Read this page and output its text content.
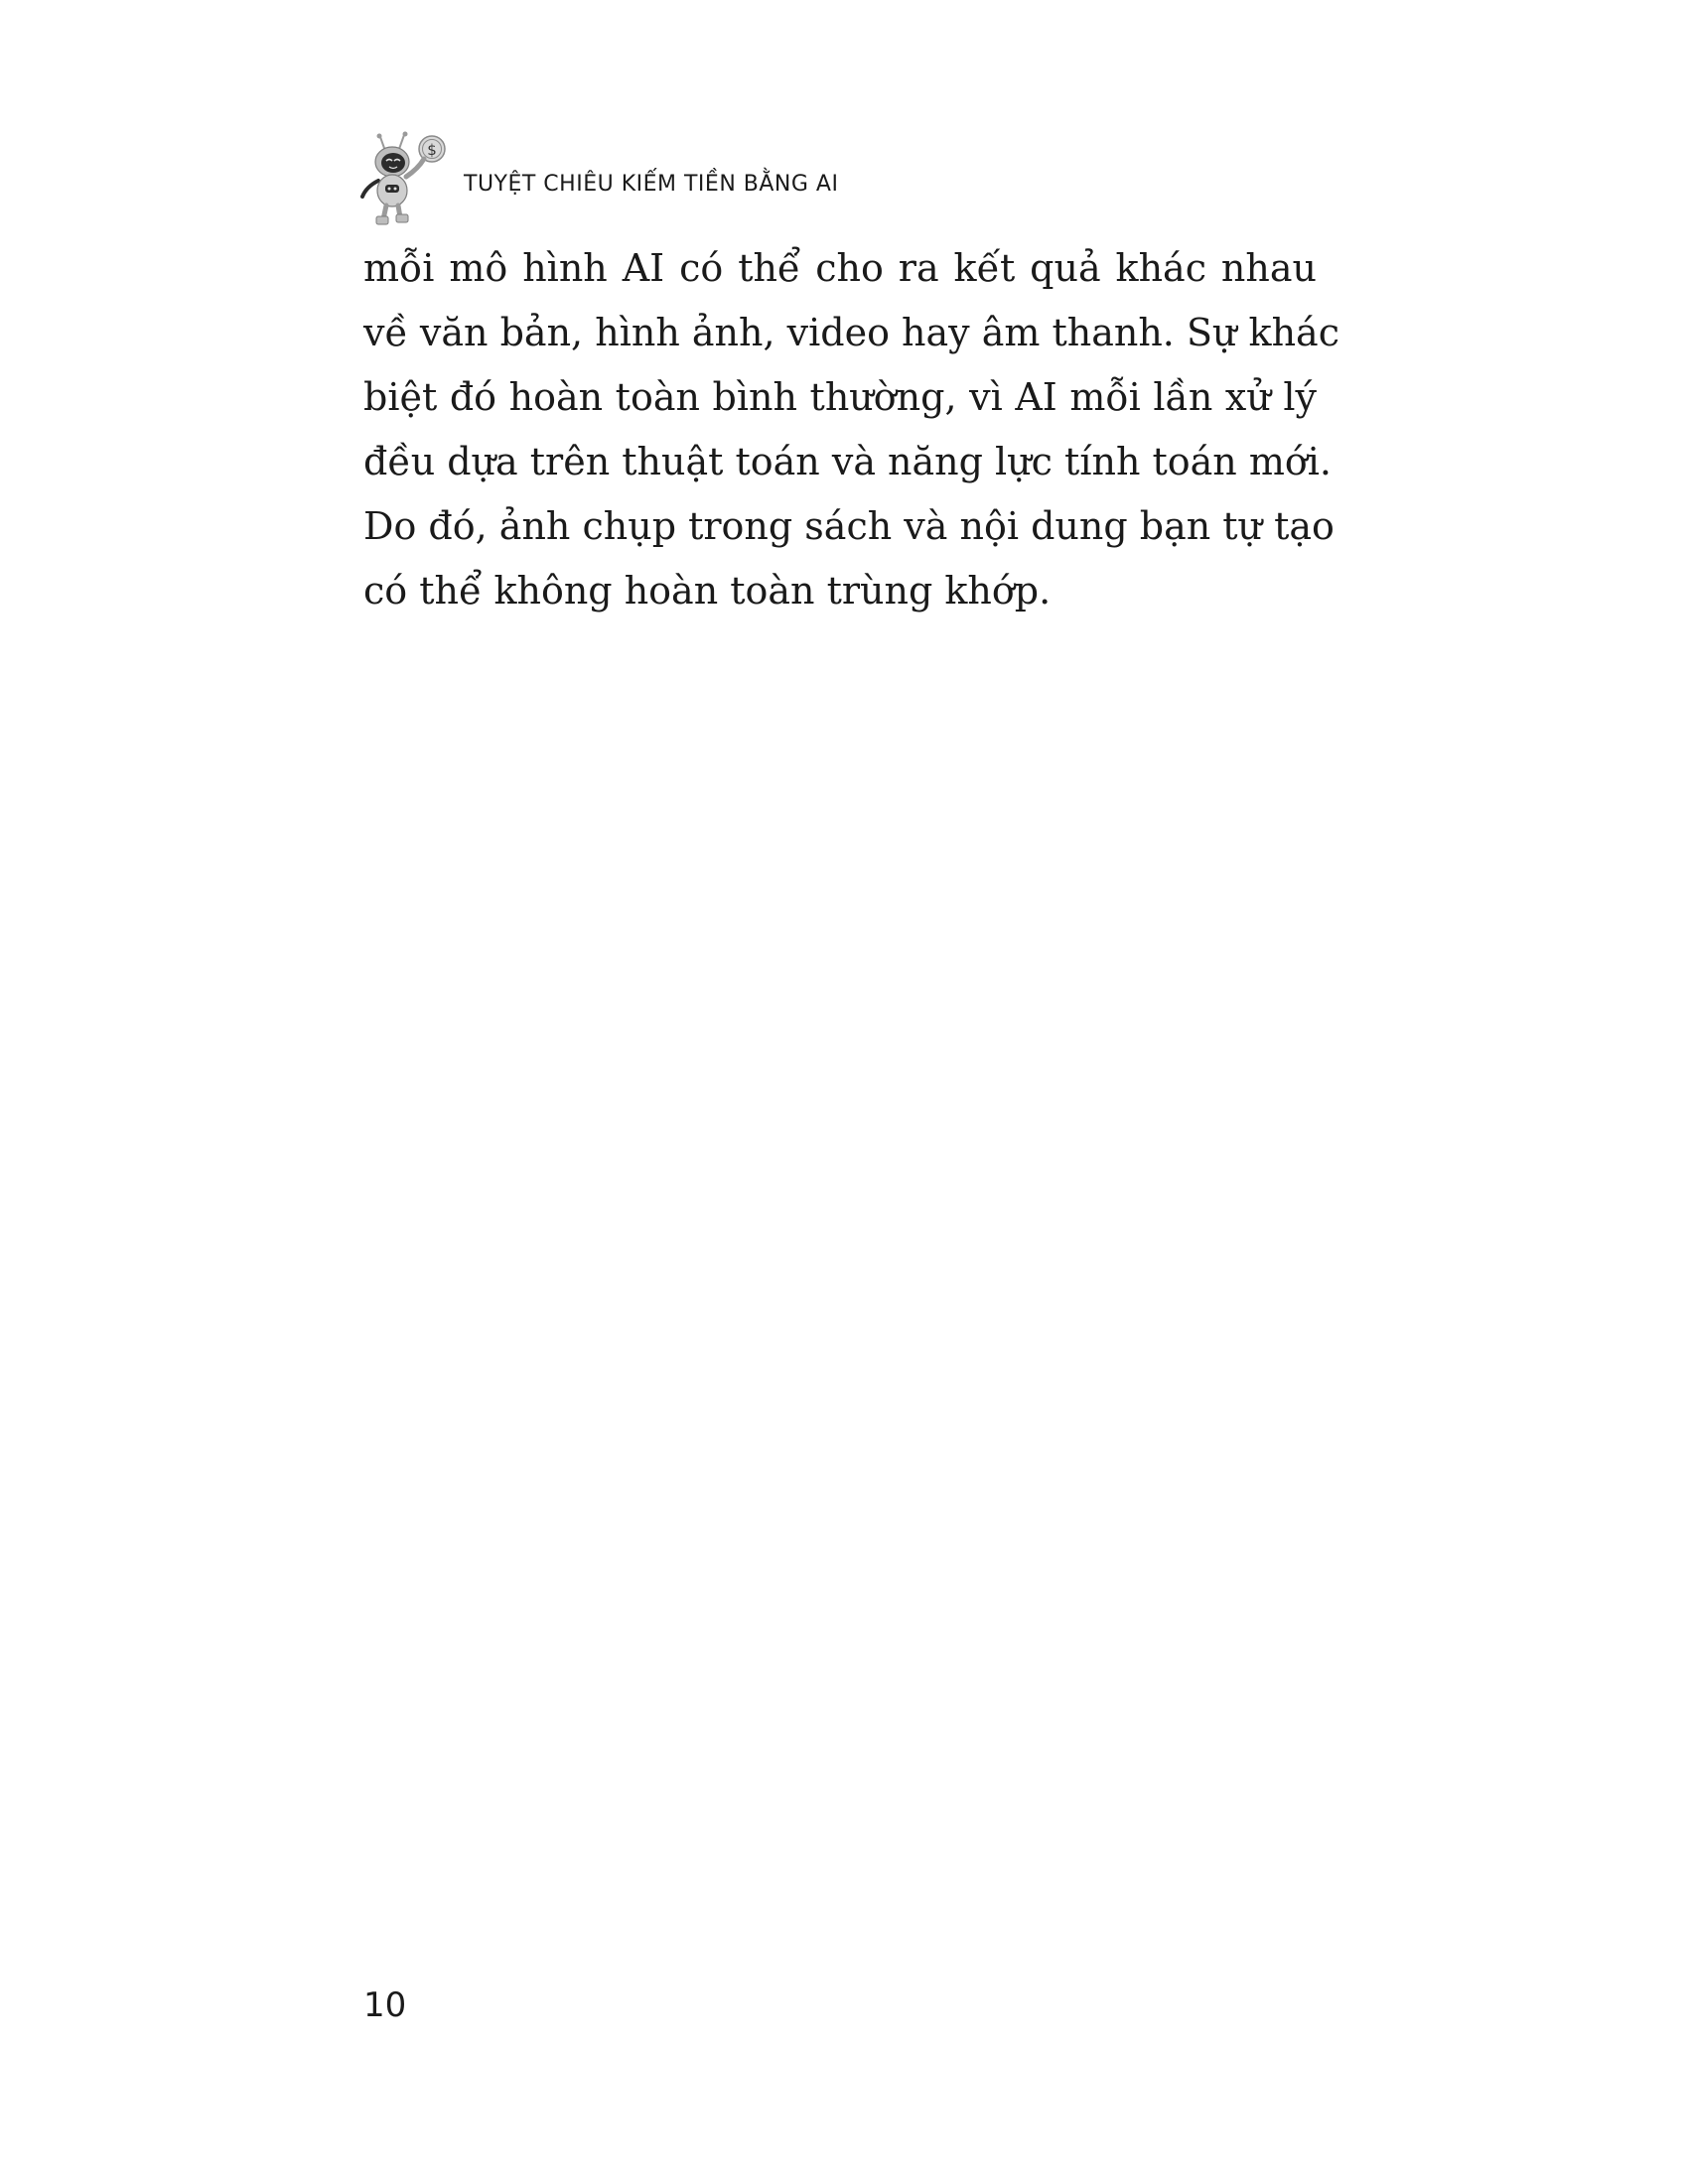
$
TUYỆT CHIÊU KIẾM TIỀN BẰNG AI
mỗi mô hình AI có thể cho ra kết quả khác nhau
về văn bản, hình ảnh, video hay âm thanh. Sự khác
biệt đó hoàn toàn bình thường, vì AI mỗi lần xử lý
đều dựa trên thuật toán và năng lực tính toán mới.
Do đó, ảnh chụp trong sách và nội dung bạn tự tạo
có thể không hoàn toàn trùng khớp.
10
